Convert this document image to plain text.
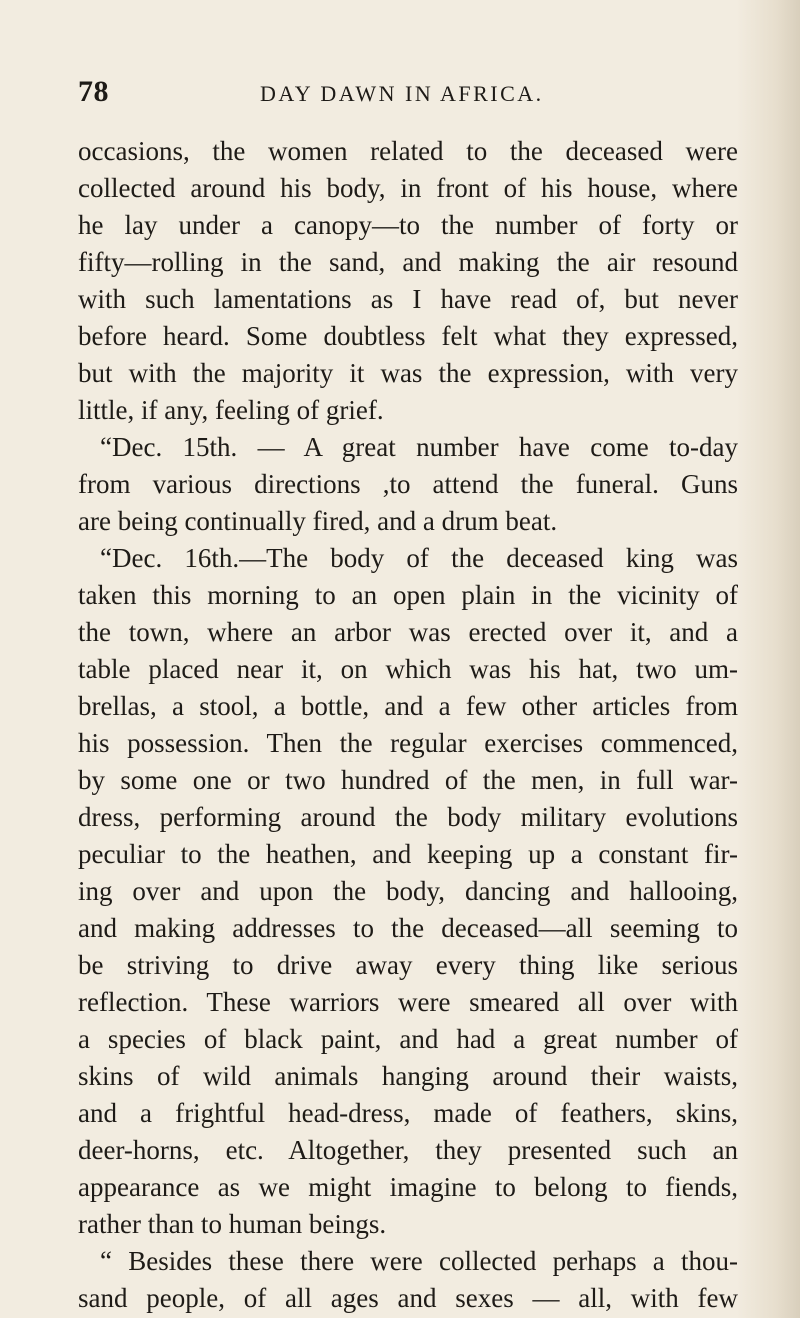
78	DAY DAWN IN AFRICA.
occasions, the women related to the deceased were
collected around his body, in front of his house, where
he lay under a canopy—to the number of forty or
fifty—rolling in the sand, and making the air resound
with such lamentations as I have read of, but never
before heard. Some doubtless felt what they expressed,
but with the majority it was the expression, with very
little, if any, feeling of grief.
“Dec. 15th. — A great number have come to-day
from various directions ,to attend the funeral. Guns
are being continually fired, and a drum beat.
“Dec. 16th.—The body of the deceased king was
taken this morning to an open plain in the vicinity of
the town, where an arbor was erected over it, and a
table placed near it, on which was his hat, two um-
brellas, a stool, a bottle, and a few other articles from
his possession. Then the regular exercises commenced,
by some one or two hundred of the men, in full war-
dress, performing around the body military evolutions
peculiar to the heathen, and keeping up a constant fir-
ing over and upon the body, dancing and hallooing,
and making addresses to the deceased—all seeming to
be striving to drive away every thing like serious
reflection. These warriors were smeared all over with
a species of black paint, and had a great number of
skins of wild animals hanging around their waists,
and a frightful head-dress, made of feathers, skins,
deer-horns, etc. Altogether, they presented such an
appearance as we might imagine to belong to fiends,
rather than to human beings.
“ Besides these there were collected perhaps a thou-
sand people, of all ages and sexes — all, with few
